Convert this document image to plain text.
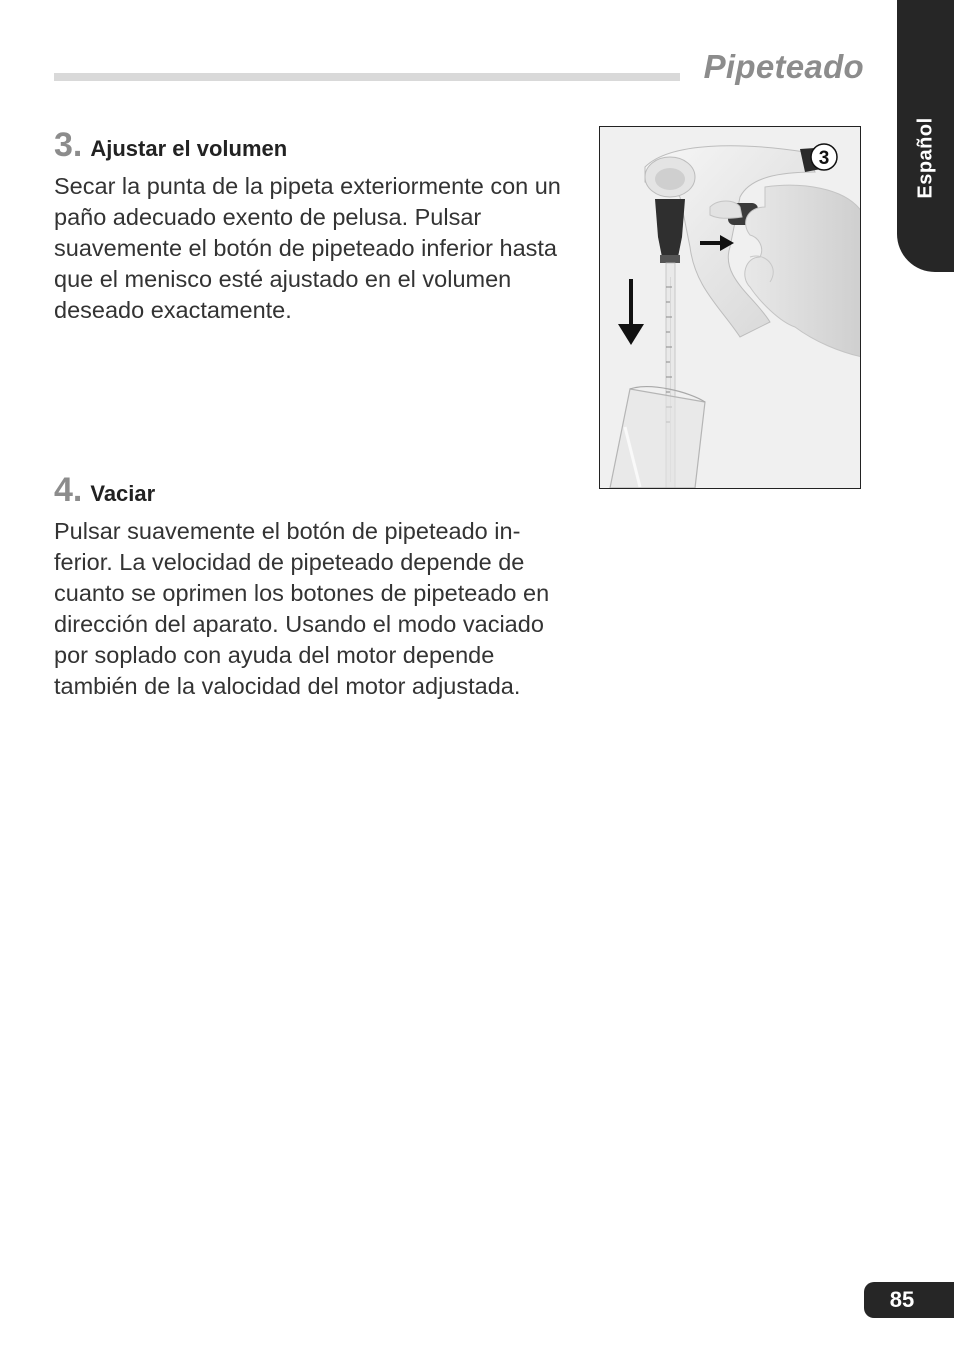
Pipeteado
Español
3. Ajustar el volumen

Secar la punta de la pipeta exteriormente con un paño adecuado exento de pelusa. Pulsar suavemente el botón de pipeteado inferior hasta que el menisco esté ajustado en el volumen deseado exactamente.

4. Vaciar

Pulsar suavemente el botón de pipeteado in-ferior. La velocidad de pipeteado depende de cuanto se oprimen los botones de pipeteado en dirección del aparato. Usando el modo vaciado por soplado con ayuda del motor depende también de la valocidad del motor adjustada.

3
85
